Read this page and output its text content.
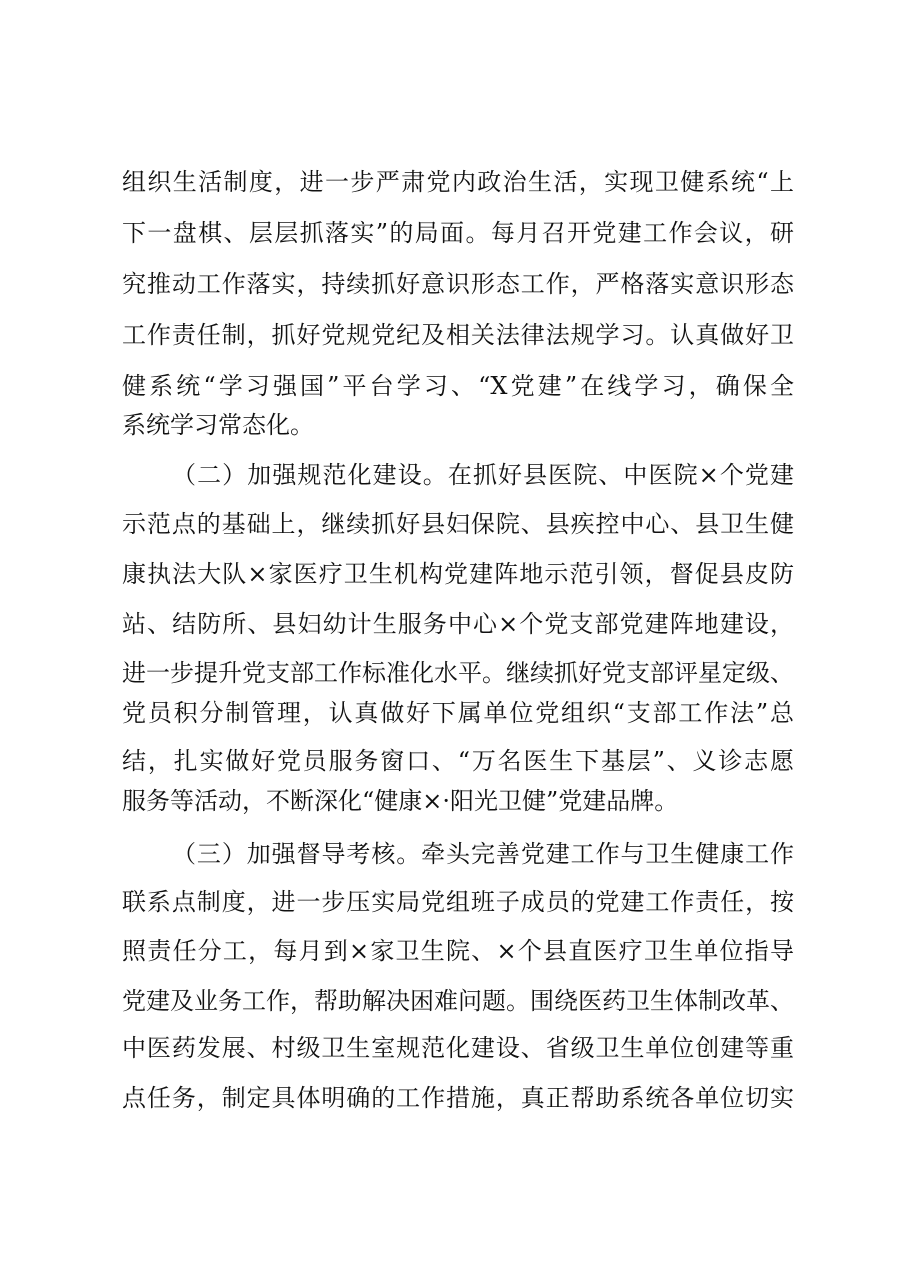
组织生活制度，进一步严肃党内政治生活，实现卫健系统“上
下一盘棋、层层抓落实”的局面。每月召开党建工作会议，研
究推动工作落实，持续抓好意识形态工作，严格落实意识形态
工作责任制，抓好党规党纪及相关法律法规学习。认真做好卫
健系统“学习强国”平台学习、“X党建”在线学习，确保全
系统学习常态化。
（二）加强规范化建设。在抓好县医院、中医院×个党建
示范点的基础上，继续抓好县妇保院、县疾控中心、县卫生健
康执法大队×家医疗卫生机构党建阵地示范引领，督促县皮防
站、结防所、县妇幼计生服务中心×个党支部党建阵地建设，
进一步提升党支部工作标准化水平。继续抓好党支部评星定级、
党员积分制管理，认真做好下属单位党组织“支部工作法”总
结，扎实做好党员服务窗口、“万名医生下基层”、义诊志愿
服务等活动，不断深化“健康×·阳光卫健”党建品牌。
（三）加强督导考核。牵头完善党建工作与卫生健康工作
联系点制度，进一步压实局党组班子成员的党建工作责任，按
照责任分工，每月到×家卫生院、×个县直医疗卫生单位指导
党建及业务工作，帮助解决困难问题。围绕医药卫生体制改革、
中医药发展、村级卫生室规范化建设、省级卫生单位创建等重
点任务，制定具体明确的工作措施，真正帮助系统各单位切实
